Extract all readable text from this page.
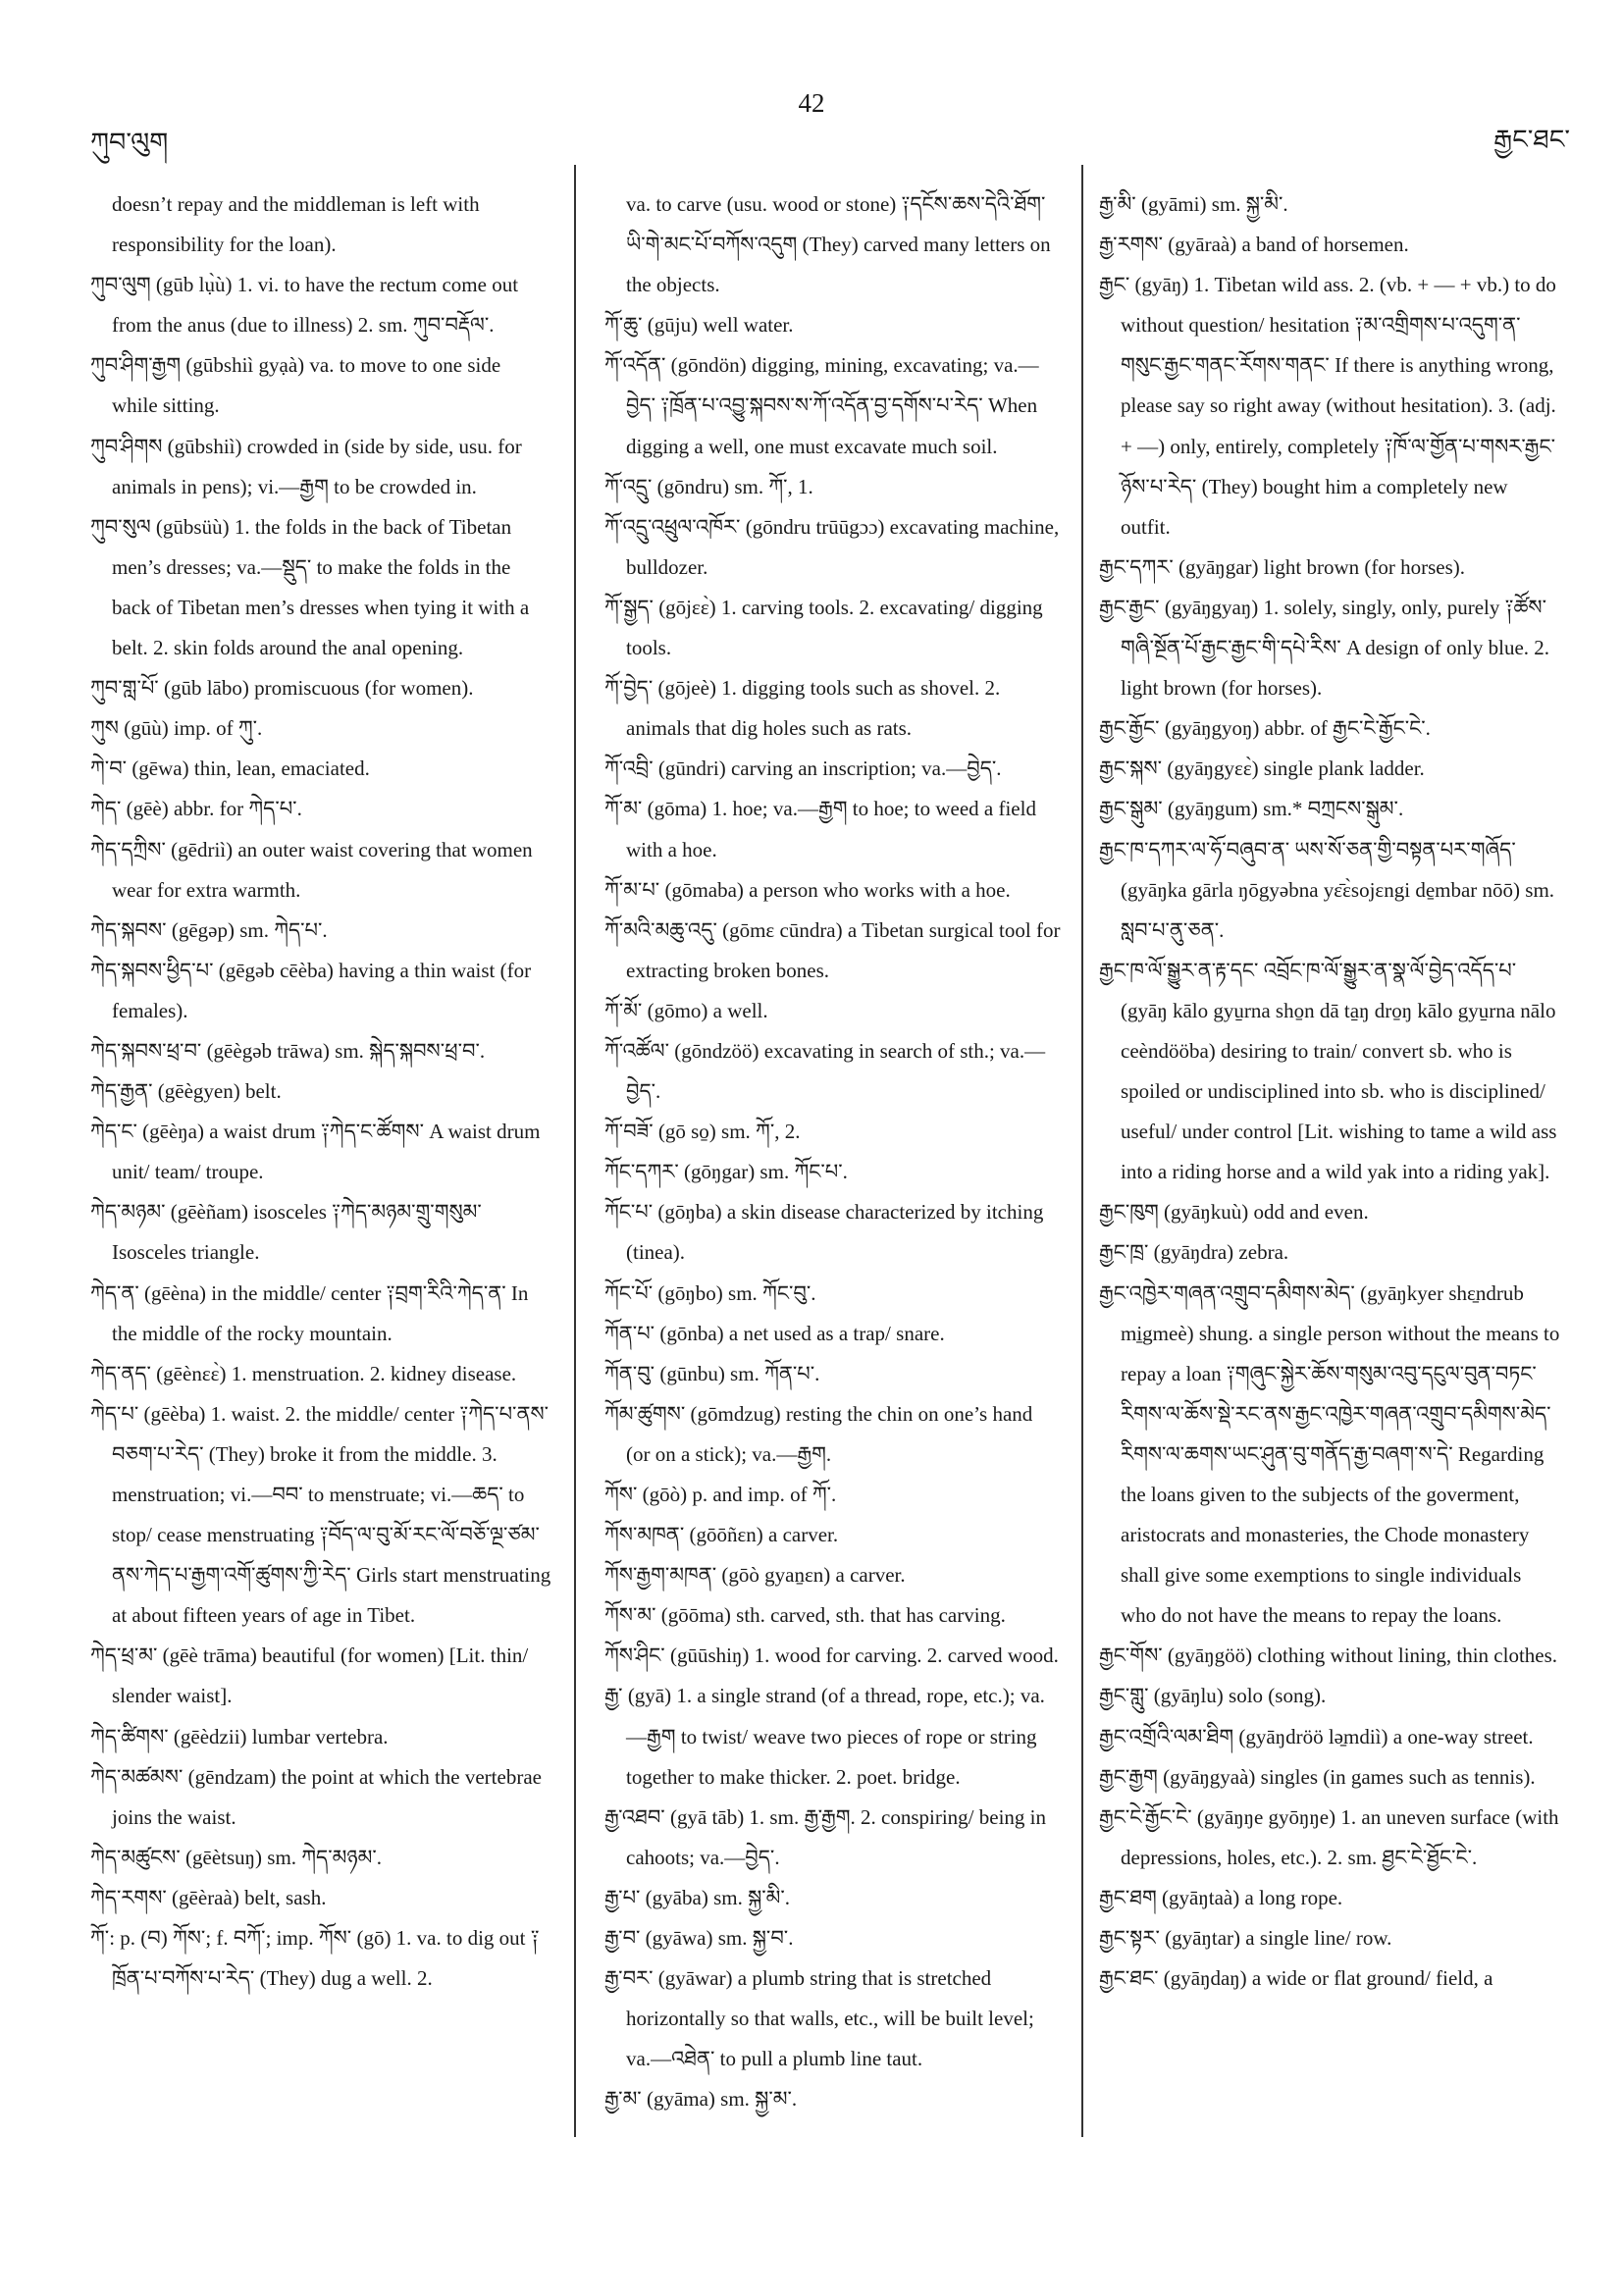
ཀུབ་ལུག
42
རྒྱང་ཐང་

doesn’t repay and the middleman is left with responsibility for the loan).

ཀུབ་ལུག (gūb lụ̀ù) 1. vi. to have the rectum come out from the anus (due to illness) 2. sm. ཀུབ་བརྡོལ་.

ཀུབ་ཤིག་རྒྱག (gūbshiì gyạà) va. to move to one side while sitting.

ཀུབ་ཤིགས (gūbshiì) crowded in (side by side, usu. for animals in pens); vi.—རྒྱག to be crowded in.

ཀུབ་སུལ (gūbsüù) 1. the folds in the back of Tibetan men’s dresses; va.—སྡུད་ to make the folds in the back of Tibetan men’s dresses when tying it with a belt. 2. skin folds around the anal opening.

ཀུབ་གླ་པོ་ (gūb lābo) promiscuous (for women).

ཀུས (gūù) imp. of ཀུ་.

ཀེ་བ་ (gēwa) thin, lean, emaciated.

ཀེད་ (gēè) abbr. for ཀེད་པ་.

ཀེད་དཀྲིས་ (gēdriì) an outer waist covering that women wear for extra warmth.

ཀེད་སྐབས་ (gēgəp) sm. ཀེད་པ་.

ཀེད་སྐབས་ཕྱིད་པ་ (gēgəb cēèba) having a thin waist (for females).

ཀེད་སྐབས་ཕྲ་བ་ (gēègəb trāwa) sm. སྐེད་སྐབས་ཕྲ་བ་.

ཀེད་རྒྱན་ (gēègyen) belt.

ཀེད་ང་ (gēèŋa) a waist drum ༑ཀེད་ང་ཚོགས་ A waist drum unit/ team/ troupe.

ཀེད་མཉམ་ (gēèñam) isosceles ༑ཀེད་མཉམ་གྲུ་གསུམ་ Isosceles triangle.

ཀེད་ན་ (gēèna) in the middle/ center ༑བྲག་རིའི་ཀེད་ན་ In the middle of the rocky mountain.

ཀེད་ནད་ (gēènɛɛ̀) 1. menstruation. 2. kidney disease.

ཀེད་པ་ (gēèba) 1. waist. 2. the middle/ center ༑ཀེད་པ་ནས་བཅག་པ་རེད་ (They) broke it from the middle. 3. menstruation; vi.—བབ་ to menstruate; vi.—ཆད་ to stop/ cease menstruating ༑བོད་ལ་བུ་མོ་རང་ལོ་བཅོ་ལྔ་ཙམ་ནས་ཀེད་པ་རྒྱག་འགོ་ཚུགས་ཀྱི་རེད་ Girls start menstruating at about fifteen years of age in Tibet.

ཀེད་ཕྲ་མ་ (gēè trāma) beautiful (for women) [Lit. thin/ slender waist].

ཀེད་ཚིགས་ (gēèdzii) lumbar vertebra.

ཀེད་མཚམས་ (gēndzam) the point at which the vertebrae joins the waist.

ཀེད་མཚུངས་ (gēètsuŋ) sm. ཀེད་མཉམ་.

ཀེད་རགས་ (gēèraà) belt, sash.

ཀོ་: p. (བ) ཀོས་; f. བཀོ་; imp. ཀོས་ (gō) 1. va. to dig out ༑ཁྲོན་པ་བཀོས་པ་རེད་ (They) dug a well. 2.

va. to carve (usu. wood or stone) ༑དངོས་ཆས་དེའི་ཐོག་ཡི་གེ་མང་པོ་བཀོས་འདུག (They) carved many letters on the objects.

ཀོ་ཆུ་ (gūju) well water.

ཀོ་འདོན་ (gōndön) digging, mining, excavating; va.—བྱེད་ ༑ཁྲོན་པ་འབྱུ་སྐབས་ས་ཀོ་འདོན་བྱ་དགོས་པ་རེད་ When digging a well, one must excavate much soil.

ཀོ་འདྲུ་ (gōndru) sm. ཀོ་, 1.

ཀོ་འདྲུ་འཕྲུལ་འཁོར་ (gōndru trūūgɔɔ) excavating machine, bulldozer.

ཀོ་སྒྱད་ (gōjɛɛ̀) 1. carving tools. 2. excavating/ digging tools.

ཀོ་བྱེད་ (gōjeè) 1. digging tools such as shovel. 2. animals that dig holes such as rats.

ཀོ་འབྲི་ (gūndri) carving an inscription; va.—བྱེད་.

ཀོ་མ་ (gōma) 1. hoe; va.—རྒྱག to hoe; to weed a field with a hoe.

ཀོ་མ་པ་ (gōmaba) a person who works with a hoe.

ཀོ་མའི་མཆུ་འདུ་ (gōmɛ cūndra) a Tibetan surgical tool for extracting broken bones.

ཀོ་མོ་ (gōmo) a well.

ཀོ་འཚོལ་ (gōndzöö) excavating in search of sth.; va.—བྱེད་.

ཀོ་བཟོ་ (gō so̱) sm. ཀོ་, 2.

ཀོང་དཀར་ (gōŋgar) sm. ཀོང་པ་.

ཀོང་པ་ (gōŋba) a skin disease characterized by itching (tinea).

ཀོང་པོ་ (gōŋbo) sm. ཀོང་བུ་.

ཀོན་པ་ (gōnba) a net used as a trap/ snare.

ཀོན་བུ་ (gūnbu) sm. ཀོན་པ་.

ཀོམ་ཚུགས་ (gōmdzug) resting the chin on one’s hand (or on a stick); va.—རྒྱག.

ཀོས་ (gōò) p. and imp. of ཀོ་.

ཀོས་མཁན་ (gōōñɛn) a carver.

ཀོས་རྒྱག་མཁན་ (gōò gyaṉɛn) a carver.

ཀོས་མ་ (gōōma) sth. carved, sth. that has carving.

ཀོས་ཤིང་ (gūūshiŋ) 1. wood for carving. 2. carved wood.

རྒྱ་ (gyā) 1. a single strand (of a thread, rope, etc.); va.—རྒྱག to twist/ weave two pieces of rope or string together to make thicker. 2. poet. bridge.

རྒྱ་འཐབ་ (gyā tāb) 1. sm. རྒྱ་རྒྱག. 2. conspiring/ being in cahoots; va.—བྱེད་.

རྒྱ་པ་ (gyāba) sm. སྐྱ་མི་.

རྒྱ་བ་ (gyāwa) sm. སྐྱ་བ་.

རྒྱ་བར་ (gyāwar) a plumb string that is stretched horizontally so that walls, etc., will be built level; va.—འཐེན་ to pull a plumb line taut.

རྒྱ་མ་ (gyāma) sm. སྐྱ་མ་.

རྒྱ་མི་ (gyāmi) sm. སྐྱ་མི་.

རྒྱ་རགས་ (gyāraà) a band of horsemen.

རྒྱང་ (gyāŋ) 1. Tibetan wild ass. 2. (vb. + — + vb.) to do without question/ hesitation ༑མ་འགྲིགས་པ་འདུག་ན་གསུང་རྒྱང་གནང་རོགས་གནང་ If there is anything wrong, please say so right away (without hesitation). 3. (adj. + —) only, entirely, completely ༑ཁོ་ལ་གྱོན་པ་གསར་རྒྱང་ཉོས་པ་རེད་ (They) bought him a completely new outfit.

རྒྱང་དཀར་ (gyāŋgar) light brown (for horses).

རྒྱང་རྒྱང་ (gyāŋgyaŋ) 1. solely, singly, only, purely ༑ཚོས་གཞི་སྔོན་པོ་རྒྱང་རྒྱང་གི་དཔེ་རིས་ A design of only blue. 2. light brown (for horses).

རྒྱང་རྒྱོང་ (gyāŋgyoŋ) abbr. of རྒྱང་ངེ་རྒྱོང་ངེ་.

རྒྱང་སྐས་ (gyāŋgyɛɛ̀) single plank ladder.

རྒྱང་སྒུམ་ (gyāŋgum) sm.* བཀྲངས་སྒུམ་.

རྒྱང་ཁ་དཀར་ལ་ཧོ་བཞུབ་ན་ ཡས་སོ་ཅན་གྱི་བསྟན་པར་གཞོད་ (gyāŋka gārla ŋōgyəbna yɛ̄ɛ̀sojɛngi de̱mbar nōō) sm. སླབ་པ་ནུ་ཅན་.

རྒྱང་ཁ་ལོ་སྒྱུར་ན་རྟ་དང་ འབྲོང་ཁ་ལོ་སྒྱུར་ན་སྣ་ལོ་བྱེད་འདོད་པ་ (gyāŋ kālo gyu̱rna sho̱n dā ta̱ŋ dro̱ŋ kālo gyu̱rna nālo ceèndööba) desiring to train/ convert sb. who is spoiled or undisciplined into sb. who is disciplined/ useful/ under control [Lit. wishing to tame a wild ass into a riding horse and a wild yak into a riding yak].

རྒྱང་ཁུག (gyāŋkuù) odd and even.

རྒྱང་ཁྲ་ (gyāŋdra) zebra.

རྒྱང་འཁྱེར་གཞན་འགྲུབ་དམིགས་མེད་ (gyāŋkyer shɛ̱ndrub mi̱gmeè) shung. a single person without the means to repay a loan ༑གཞུང་སྐྱེར་ཆོས་གསུམ་འབུ་དངུལ་བུན་བཏང་རིགས་ལ་ཆོས་སྡེ་རང་ནས་རྒྱང་འཁྱེར་གཞན་འགྲུབ་དམིགས་མེད་རིགས་ལ་ཆགས་ཡང་ཤུན་བུ་གནོད་རྒྱ་བཞག་ས་དེ་ Regarding the loans given to the subjects of the goverment, aristocrats and monasteries, the Chode monastery shall give some exemptions to single individuals who do not have the means to repay the loans.

རྒྱང་གོས་ (gyāŋgöö) clothing without lining, thin clothes.

རྒྱང་གླུ་ (gyāŋlu) solo (song).

རྒྱང་འགྲོའི་ལམ་ཐིག (gyāŋdröö lə̱mdiì) a one-way street.

རྒྱང་རྒྱག (gyāŋgyaà) singles (in games such as tennis).

རྒྱང་ངེ་རྒྱོང་ངེ་ (gyāŋŋe gyōŋŋe) 1. an uneven surface (with depressions, holes, etc.). 2. sm. ཐྱང་ངེ་ཐྱོང་ངེ་.

རྒྱང་ཐག (gyāŋtaà) a long rope.

རྒྱང་སྟར་ (gyāŋtar) a single line/ row.

རྒྱང་ཐང་ (gyāŋdaŋ) a wide or flat ground/ field, a
